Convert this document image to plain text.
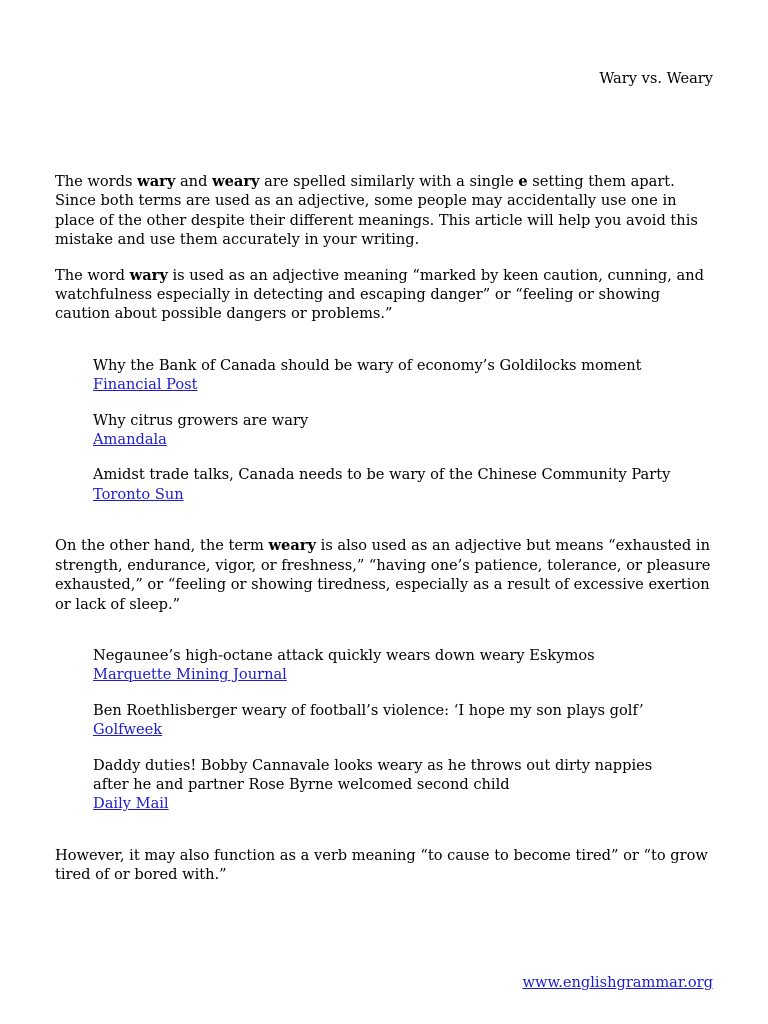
Wary vs. Weary

The words wary and weary are spelled similarly with a single e setting them apart. Since both terms are used as an adjective, some people may accidentally use one in place of the other despite their different meanings. This article will help you avoid this mistake and use them accurately in your writing.

The word wary is used as an adjective meaning “marked by keen caution, cunning, and watchfulness especially in detecting and escaping danger” or “feeling or showing caution about possible dangers or problems.”

Why the Bank of Canada should be wary of economy’s Goldilocks moment

Financial Post

Why citrus growers are wary

Amandala

Amidst trade talks, Canada needs to be wary of the Chinese Community Party

Toronto Sun

On the other hand, the term weary is also used as an adjective but means “exhausted in strength, endurance, vigor, or freshness,” “having one’s patience, tolerance, or pleasure exhausted,” or “feeling or showing tiredness, especially as a result of excessive exertion or lack of sleep.”

Negaunee’s high-octane attack quickly wears down weary Eskymos

Marquette Mining Journal

Ben Roethlisberger weary of football’s violence: ‘I hope my son plays golf’

Golfweek

Daddy duties! Bobby Cannavale looks weary as he throws out dirty nappies after he and partner Rose Byrne welcomed second child

Daily Mail

However, it may also function as a verb meaning “to cause to become tired” or “to grow tired of or bored with.”

www.englishgrammar.org
